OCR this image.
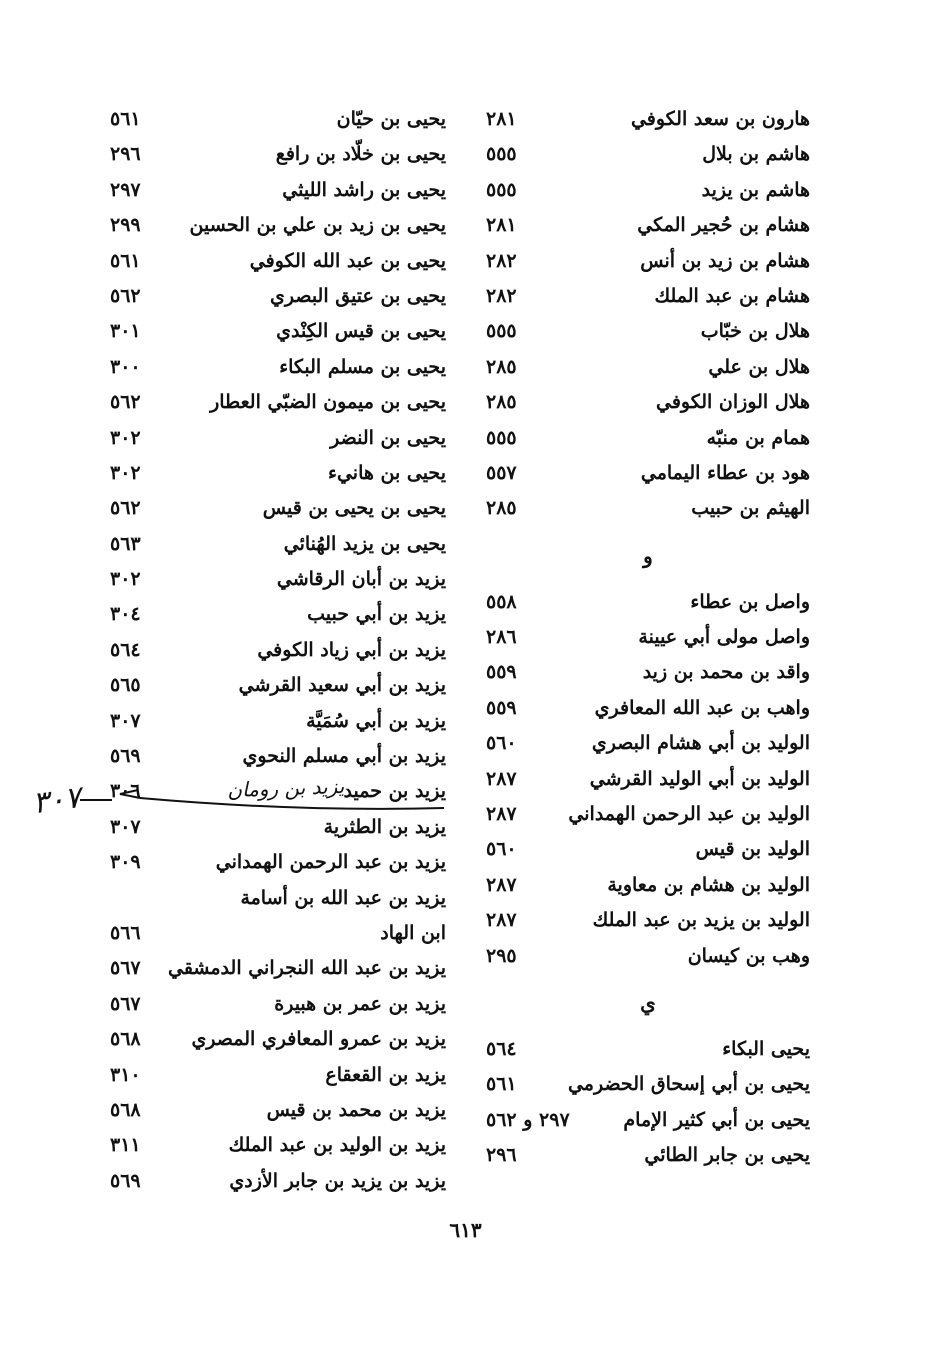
هارون بن سعد الكوفي
٢٨١
هاشم بن بلال
٥٥٥
هاشم بن يزيد
٥٥٥
هشام بن حُجير المكي
٢٨١
هشام بن زيد بن أنس
٢٨٢
هشام بن عبد الملك
٢٨٢
هلال بن خبّاب
٥٥٥
هلال بن علي
٢٨٥
هلال الوزان الكوفي
٢٨٥
همام بن منبّه
٥٥٥
هود بن عطاء اليمامي
٥٥٧
الهيثم بن حبيب
٢٨٥
و
واصل بن عطاء
٥٥٨
واصل مولى أبي عيينة
٢٨٦
واقد بن محمد بن زيد
٥٥٩
واهب بن عبد الله المعافري
٥٥٩
الوليد بن أبي هشام البصري
٥٦٠
الوليد بن أبي الوليد القرشي
٢٨٧
الوليد بن عبد الرحمن الهمداني
٢٨٧
الوليد بن قيس
٥٦٠
الوليد بن هشام بن معاوية
٢٨٧
الوليد بن يزيد بن عبد الملك
٢٨٧
وهب بن كيسان
٢٩٥
ي
يحيى البكاء
٥٦٤
يحيى بن أبي إسحاق الحضرمي
٥٦١
يحيى بن أبي كثير الإمام
٢٩٧ و ٥٦٢
يحيى بن جابر الطائي
٢٩٦
يحيى بن حيّان
٥٦١
يحيى بن خلّاد بن رافع
٢٩٦
يحيى بن راشد الليثي
٢٩٧
يحيى بن زيد بن علي بن الحسين
٢٩٩
يحيى بن عبد الله الكوفي
٥٦١
يحيى بن عتيق البصري
٥٦٢
يحيى بن قيس الكِنْدي
٣٠١
يحيى بن مسلم البكاء
٣٠٠
يحيى بن ميمون الضبّي العطار
٥٦٢
يحيى بن النضر
٣٠٢
يحيى بن هانيء
٣٠٢
يحيى بن يحيى بن قيس
٥٦٢
يحيى بن يزيد الهُنائي
٥٦٣
يزيد بن أبان الرقاشي
٣٠٢
يزيد بن أبي حبيب
٣٠٤
يزيد بن أبي زياد الكوفي
٥٦٤
يزيد بن أبي سعيد القرشي
٥٦٥
يزيد بن أبي سُمَيَّة
٣٠٧
يزيد بن أبي مسلم النحوي
٥٦٩
يزيد بن حميد
٣٠٦
يزيد بن الطثرية
٣٠٧
يزيد بن عبد الرحمن الهمداني
٣٠٩
يزيد بن عبد الله بن أسامة
ابن الهاد
٥٦٦
يزيد بن عبد الله النجراني الدمشقي
٥٦٧
يزيد بن عمر بن هبيرة
٥٦٧
يزيد بن عمرو المعافري المصري
٥٦٨
يزيد بن القعقاع
٣١٠
يزيد بن محمد بن قيس
٥٦٨
يزيد بن الوليد بن عبد الملك
٣١١
يزيد بن يزيد بن جابر الأزدي
٥٦٩
٦١٣
يزيد بن رومان
٣٠٧
